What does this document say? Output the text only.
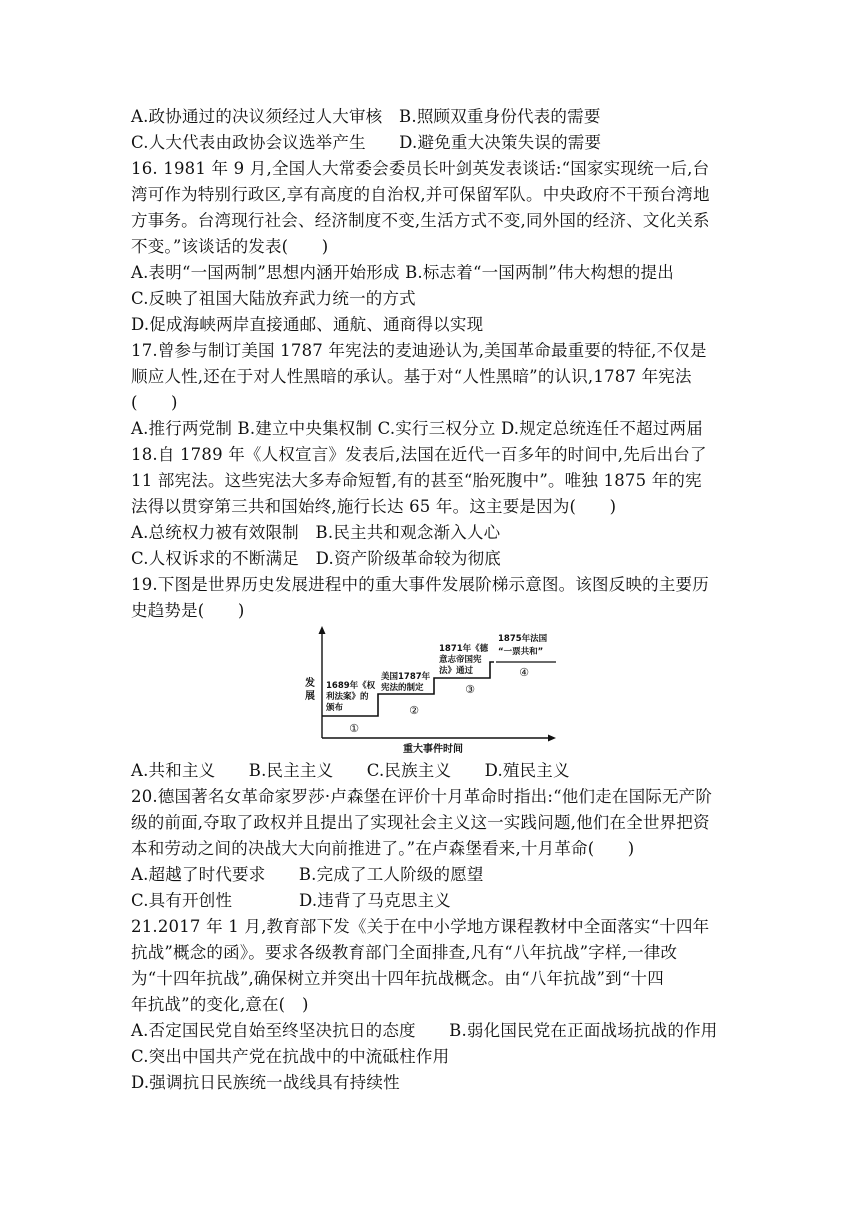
A.政协通过的决议须经过人大审核　B.照顾双重身份代表的需要
C.人大代表由政协会议选举产生　　D.避免重大决策失误的需要
16. 1981 年 9 月,全国人大常委会委员长叶剑英发表谈话:“国家实现统一后,台
湾可作为特别行政区,享有高度的自治权,并可保留军队。中央政府不干预台湾地
方事务。台湾现行社会、经济制度不变,生活方式不变,同外国的经济、文化关系
不变。”该谈话的发表(　　)
A.表明“一国两制”思想内涵开始形成 B.标志着“一国两制”伟大构想的提出
C.反映了祖国大陆放弃武力统一的方式
D.促成海峡两岸直接通邮、通航、通商得以实现
17.曾参与制订美国 1787 年宪法的麦迪逊认为,美国革命最重要的特征,不仅是
顺应人性,还在于对人性黑暗的承认。基于对“人性黑暗”的认识,1787 年宪法
(　　)
A.推行两党制 B.建立中央集权制 C.实行三权分立 D.规定总统连任不超过两届
18.自 1789 年《人权宣言》发表后,法国在近代一百多年的时间中,先后出台了
11 部宪法。这些宪法大多寿命短暂,有的甚至“胎死腹中”。唯独 1875 年的宪
法得以贯穿第三共和国始终,施行长达 65 年。这主要是因为(　　)
A.总统权力被有效限制　B.民主共和观念渐入人心
C.人权诉求的不断满足　D.资产阶级革命较为彻底
19.下图是世界历史发展进程中的重大事件发展阶梯示意图。该图反映的主要历
史趋势是(　　)
发
展
重大事件时间
1689年《权
利法案》的
颁布
①
美国1787年
宪法的制定
②
1871年《德
意志帝国宪
法》通过
③
1875年法国
“一票共和”
④
A.共和主义　　B.民主主义　　C.民族主义　　D.殖民主义
20.德国著名女革命家罗莎·卢森堡在评价十月革命时指出:“他们走在国际无产阶
级的前面,夺取了政权并且提出了实现社会主义这一实践问题,他们在全世界把资
本和劳动之间的决战大大向前推进了。”在卢森堡看来,十月革命(　　)
A.超越了时代要求　　B.完成了工人阶级的愿望
C.具有开创性　　　　D.违背了马克思主义
21.2017 年 1 月,教育部下发《关于在中小学地方课程教材中全面落实“十四年
抗战”概念的函》。要求各级教育部门全面排查,凡有“八年抗战”字样,一律改
为“十四年抗战”,确保树立并突出十四年抗战概念。由“八年抗战”到“十四
年抗战”的变化,意在(　)
A.否定国民党自始至终坚决抗日的态度　　B.弱化国民党在正面战场抗战的作用
C.突出中国共产党在抗战中的中流砥柱作用
D.强调抗日民族统一战线具有持续性
